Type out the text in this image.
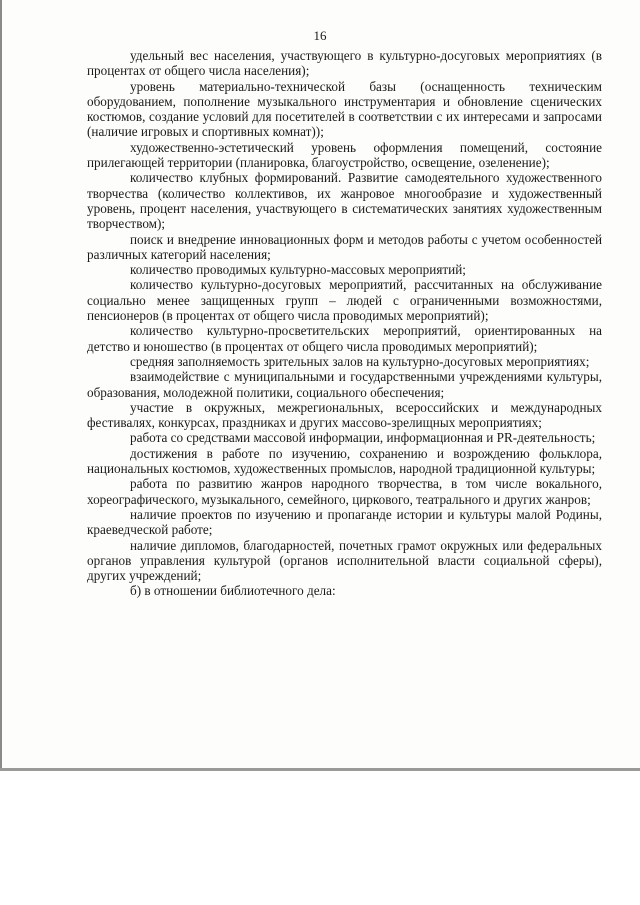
16

удельный вес населения, участвующего в культурно-досуговых мероприятиях (в процентах от общего числа населения);

уровень материально-технической базы (оснащенность техническим оборудованием, пополнение музыкального инструментария и обновление сценических костюмов, создание условий для посетителей в соответствии с их интересами и запросами (наличие игровых и спортивных комнат));

художественно-эстетический уровень оформления помещений, состояние прилегающей территории (планировка, благоустройство, освещение, озеленение);

количество клубных формирований. Развитие самодеятельного художественного творчества (количество коллективов, их жанровое многообразие и художественный уровень, процент населения, участвующего в систематических занятиях художественным творчеством);

поиск и внедрение инновационных форм и методов работы с учетом особенностей различных категорий населения;

количество проводимых культурно-массовых мероприятий;

количество культурно-досуговых мероприятий, рассчитанных на обслуживание социально менее защищенных групп – людей с ограниченными возможностями, пенсионеров (в процентах от общего числа проводимых мероприятий);

количество культурно-просветительских мероприятий, ориентированных на детство и юношество (в процентах от общего числа проводимых мероприятий);

средняя заполняемость зрительных залов на культурно-досуговых мероприятиях;

взаимодействие с муниципальными и государственными учреждениями культуры, образования, молодежной политики, социального обеспечения;

участие в окружных, межрегиональных, всероссийских и международных фестивалях, конкурсах, праздниках и других массово-зрелищных мероприятиях;

работа со средствами массовой информации, информационная и PR-деятельность;

достижения в работе по изучению, сохранению и возрождению фольклора, национальных костюмов, художественных промыслов, народной традиционной культуры;

работа по развитию жанров народного творчества, в том числе вокального, хореографического, музыкального, семейного, циркового, театрального и других жанров;

наличие проектов по изучению и пропаганде истории и культуры малой Родины, краеведческой работе;

наличие дипломов, благодарностей, почетных грамот окружных или федеральных органов управления культурой (органов исполнительной власти социальной сферы), других учреждений;

б) в отношении библиотечного дела:
